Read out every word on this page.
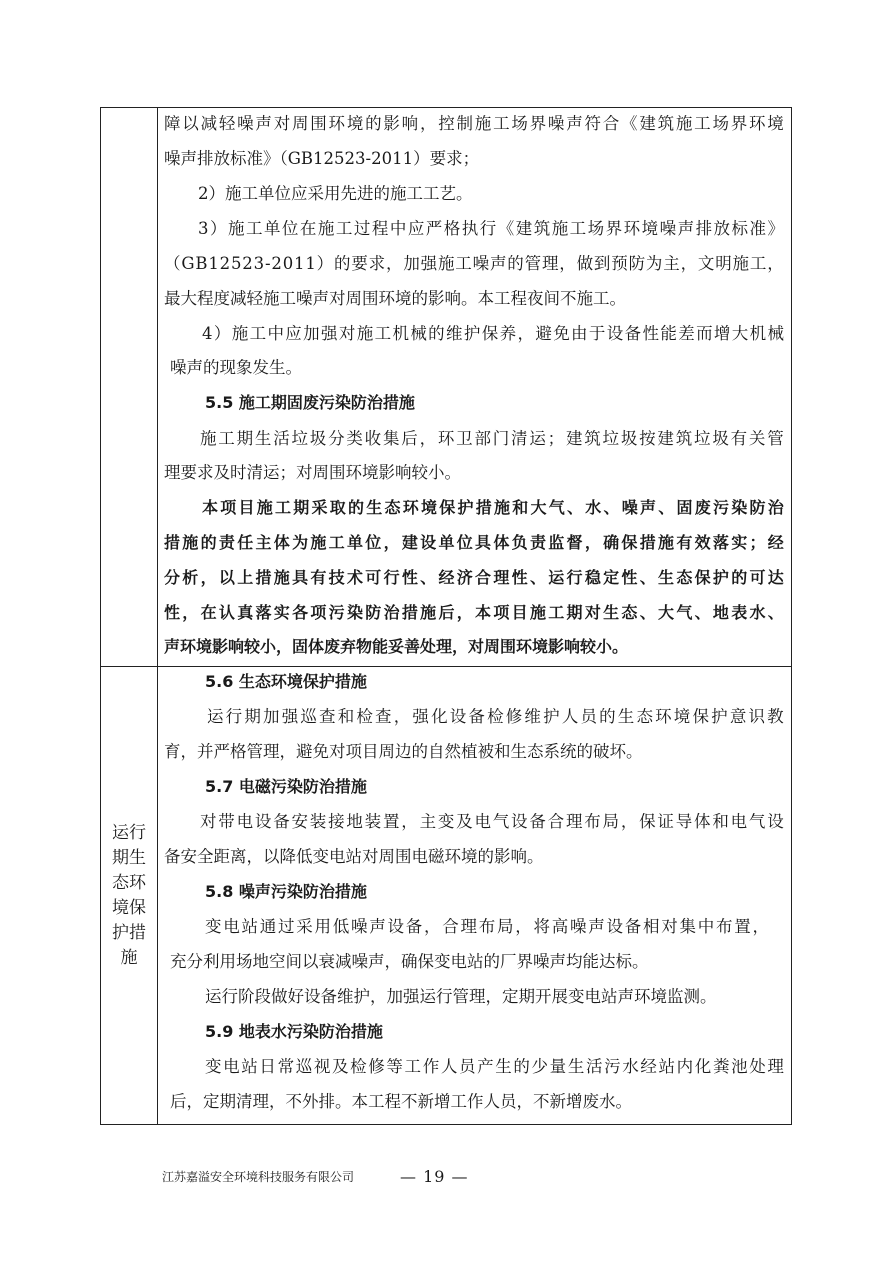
运行期生态环境保护措施
障 以 减 轻 噪 声 对 周 围 环 境 的 影 响 ， 控 制 施 工 场 界 噪 声 符 合 《 建 筑 施 工 场 界 环 境
噪声排放标准》（GB12523-2011）要求；
2）施工单位应采用先进的施工工艺。
3 ） 施 工 单 位 在 施 工 过 程 中 应 严 格 执 行 《 建 筑 施 工 场 界 环 境 噪 声 排 放 标 准 》
（ G B 1 2 5 2 3 - 2 0 1 1 ） 的 要 求 ， 加 强 施 工 噪 声 的 管 理 ， 做 到 预 防 为 主 ， 文 明 施 工 ，
最大程度减轻施工噪声对周围环境的影响。本工程夜间不施工。
4 ） 施 工 中 应 加 强 对 施 工 机 械 的 维 护 保 养 ， 避 免 由 于 设 备 性 能 差 而 增 大 机 械
噪声的现象发生。
5.5 施工期固废污染防治措施
施 工 期 生 活 垃 圾 分 类 收 集 后 ， 环 卫 部 门 清 运 ； 建 筑 垃 圾 按 建 筑 垃 圾 有 关 管
理要求及时清运；对周围环境影响较小。
本 项 目 施 工 期 采 取 的 生 态 环 境 保 护 措 施 和 大 气 、 水 、 噪 声 、 固 废 污 染 防 治
措 施 的 责 任 主 体 为 施 工 单 位 ， 建 设 单 位 具 体 负 责 监 督 ， 确 保 措 施 有 效 落 实 ； 经
分 析 ， 以 上 措 施 具 有 技 术 可 行 性 、 经 济 合 理 性 、 运 行 稳 定 性 、 生 态 保 护 的 可 达
性 ， 在 认 真 落 实 各 项 污 染 防 治 措 施 后 ， 本 项 目 施 工 期 对 生 态 、 大 气 、 地 表 水 、
声环境影响较小，固体废弃物能妥善处理，对周围环境影响较小。
5.6 生态环境保护措施
运 行 期 加 强 巡 查 和 检 查 ， 强 化 设 备 检 修 维 护 人 员 的 生 态 环 境 保 护 意 识 教
育，并严格管理，避免对项目周边的自然植被和生态系统的破坏。
5.7 电磁污染防治措施
对 带 电 设 备 安 装 接 地 装 置 ， 主 变 及 电 气 设 备 合 理 布 局 ， 保 证 导 体 和 电 气 设
备安全距离，以降低变电站对周围电磁环境的影响。
5.8 噪声污染防治措施
变 电 站 通 过 采 用 低 噪 声 设 备 ， 合 理 布 局 ， 将 高 噪 声 设 备 相 对 集 中 布 置 ，
充分利用场地空间以衰减噪声，确保变电站的厂界噪声均能达标。
运行阶段做好设备维护，加强运行管理，定期开展变电站声环境监测。
5.9 地表水污染防治措施
变 电 站 日 常 巡 视 及 检 修 等 工 作 人 员 产 生 的 少 量 生 活 污 水 经 站 内 化 粪 池 处 理
后，定期清理，不外排。本工程不新增工作人员，不新增废水。
江苏嘉溢安全环境科技服务有限公司	— 19 —
